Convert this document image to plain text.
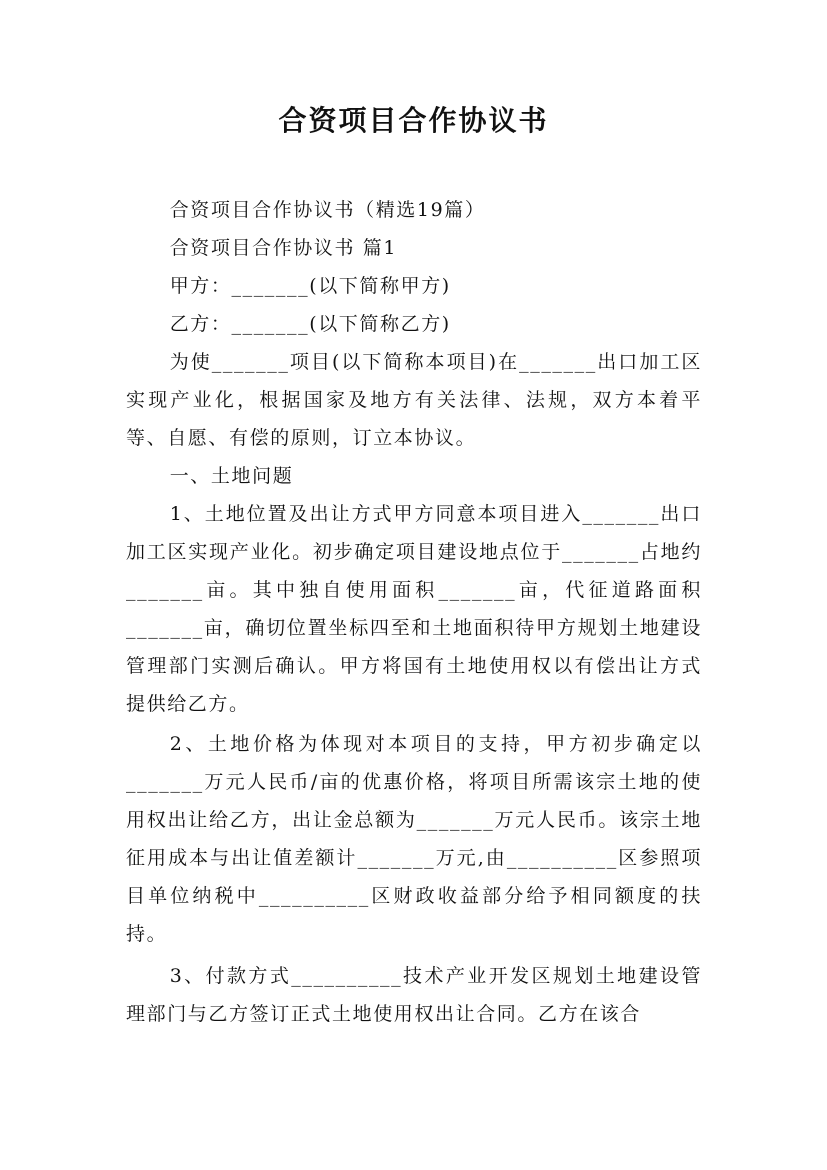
合资项目合作协议书

合资项目合作协议书（精选19篇）

合资项目合作协议书 篇1

甲方：_______(以下简称甲方)

乙方：_______(以下简称乙方)

为使_______项目(以下简称本项目)在_______出口加工区实现产业化，根据国家及地方有关法律、法规，双方本着平等、自愿、有偿的原则，订立本协议。

一、土地问题

1、土地位置及出让方式甲方同意本项目进入_______出口加工区实现产业化。初步确定项目建设地点位于_______占地约_______亩。其中独自使用面积_______亩，代征道路面积_______亩，确切位置坐标四至和土地面积待甲方规划土地建设管理部门实测后确认。甲方将国有土地使用权以有偿出让方式提供给乙方。

2、土地价格为体现对本项目的支持，甲方初步确定以_______万元人民币/亩的优惠价格，将项目所需该宗土地的使用权出让给乙方，出让金总额为_______万元人民币。该宗土地征用成本与出让值差额计_______万元,由__________区参照项目单位纳税中__________区财政收益部分给予相同额度的扶持。

3、付款方式__________技术产业开发区规划土地建设管理部门与乙方签订正式土地使用权出让合同。乙方在该合
